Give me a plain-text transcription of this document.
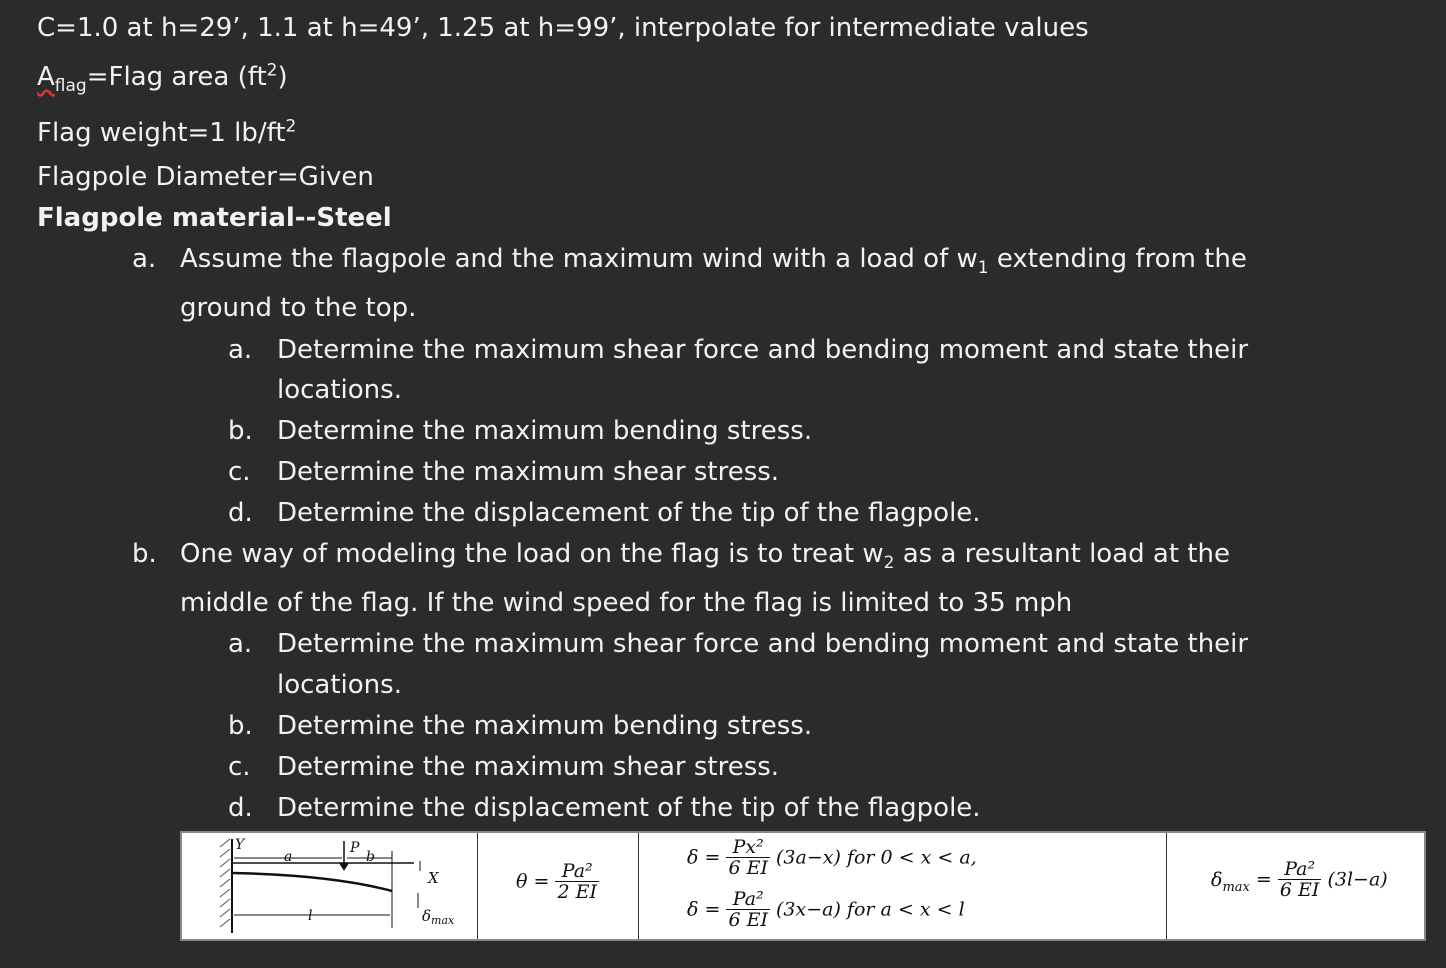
C=1.0 at h=29’, 1.1 at h=49’, 1.25 at h=99’, interpolate for intermediate values
$A_{flag}=Flag$ area $(ft^2)$
Flag weight=1 $lb/ft^2$
Flagpole Diameter=Given
Flagpole material--Steel
a. Assume the flagpole and the maximum wind with a load of $w_1$ extending from the
ground to the top.
a. Determine the maximum shear force and bending moment and state their
locations.
b. Determine the maximum bending stress.
c. Determine the maximum shear stress.
d. Determine the displacement of the tip of the flagpole.
b. One way of modeling the load on the flag is to treat $w_2$ as a resultant load at the
middle of the flag. If the wind speed for the flag is limited to 35 mph
a. Determine the maximum shear force and bending moment and state their
locations.
b. Determine the maximum bending stress.
c. Determine the maximum shear stress.
d. Determine the displacement of the tip of the flagpole.
Y
a
P
b
X
l	$\delta_{max}$
$\theta = \frac{\text{Pa²}}{2 EI}$
$\delta = \frac{\text{Px²}}{6 EI} (3a-x)$ for 0 < x < a,
$\delta = \frac{\text{Pa²}}{6 EI} (3x-a)$ for a < x < l
$\delta_{max} = \frac{\text{Pa²}}{6 EI} (3l-a)$
